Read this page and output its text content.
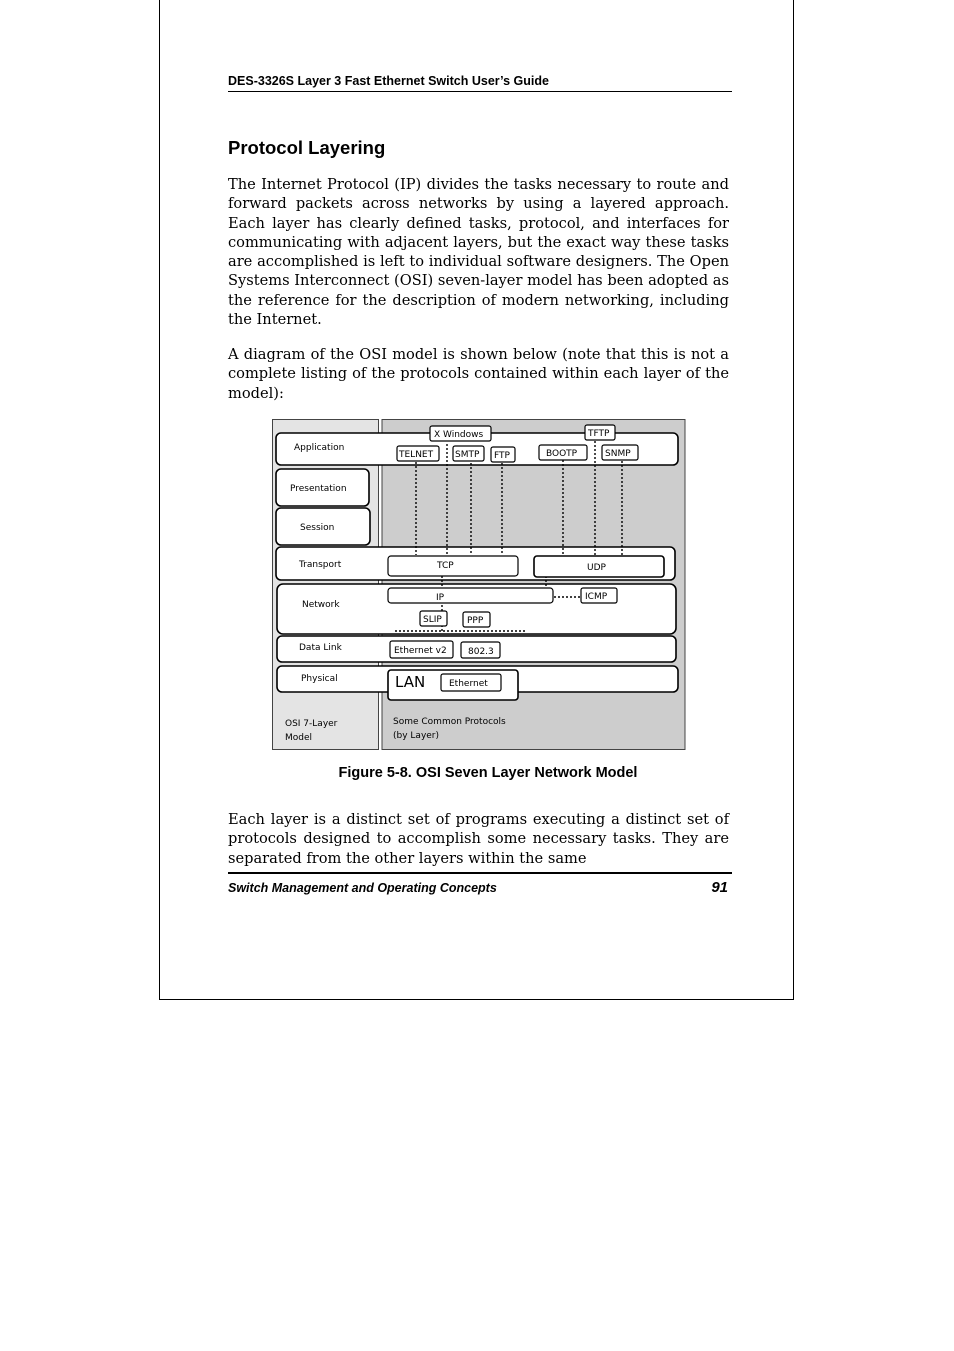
DES-3326S Layer 3 Fast Ethernet Switch User’s Guide
Protocol Layering

The Internet Protocol (IP) divides the tasks necessary to route and forward packets across networks by using a layered approach. Each layer has clearly defined tasks, protocol, and interfaces for communicating with adjacent layers, but the exact way these tasks are accomplished is left to individual software designers. The Open Systems Interconnect (OSI) seven-layer model has been adopted as the reference for the description of modern networking, including the Internet.

A diagram of the OSI model is shown below (note that this is not a complete listing of the protocols contained within each layer of the model):

Application
Presentation
Session
Transport
Network
Data Link
Physical
X Windows	TFTP
TELNET SMTP FTP	BOOTP	SNMP
TCP	UDP
IP	ICMP
SLIP	PPP
Ethernet v2 802.3
LAN	Ethernet
OSI 7-Layer
Model
Some Common Protocols
(by Layer)
Figure 5-8. OSI Seven Layer Network Model

Each layer is a distinct set of programs executing a distinct set of protocols designed to accomplish some necessary tasks. They are separated from the other layers within the same

Switch Management and Operating Concepts	91
